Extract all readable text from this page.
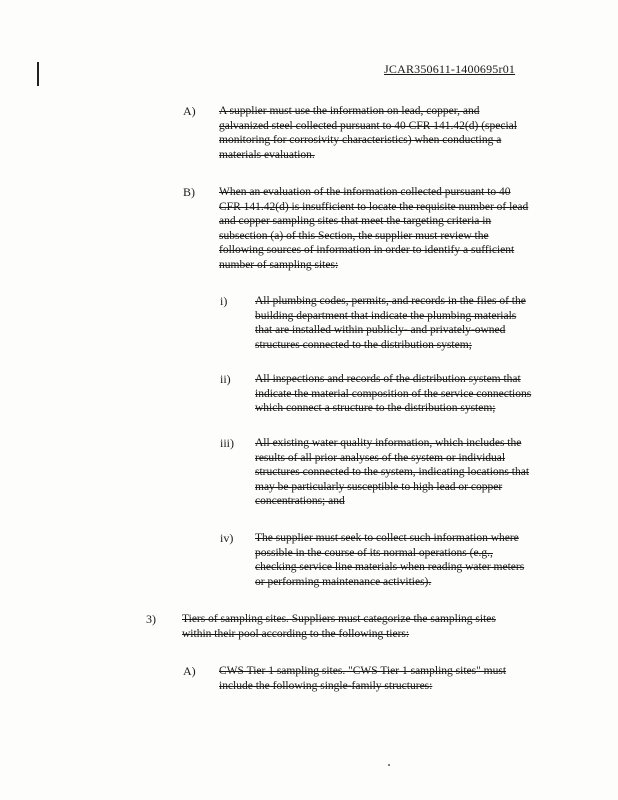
JCAR350611-1400695r01
A) A supplier must use the information on lead, copper, and

galvanized steel collected pursuant to 40 CFR 141.42(d) (special

monitoring for corrosivity characteristics) when conducting a

materials evaluation.

B) When an evaluation of the information collected pursuant to 40

CFR 141.42(d) is insufficient to locate the requisite number of lead

and copper sampling sites that meet the targeting criteria in

subsection (a) of this Section, the supplier must review the

following sources of information in order to identify a sufficient

number of sampling sites:

i) All plumbing codes, permits, and records in the files of the

building department that indicate the plumbing materials

that are installed within publicly- and privately-owned

structures connected to the distribution system;

ii) All inspections and records of the distribution system that

indicate the material composition of the service connections

which connect a structure to the distribution system;

iii) All existing water quality information, which includes the

results of all prior analyses of the system or individual

structures connected to the system, indicating locations that

may be particularly susceptible to high lead or copper

concentrations; and

iv) The supplier must seek to collect such information where

possible in the course of its normal operations (e.g.,

checking service line materials when reading water meters

or performing maintenance activities).

3) Tiers of sampling sites. Suppliers must categorize the sampling sites

within their pool according to the following tiers:

A) CWS Tier 1 sampling sites. "CWS Tier 1 sampling sites" must

include the following single-family structures:
